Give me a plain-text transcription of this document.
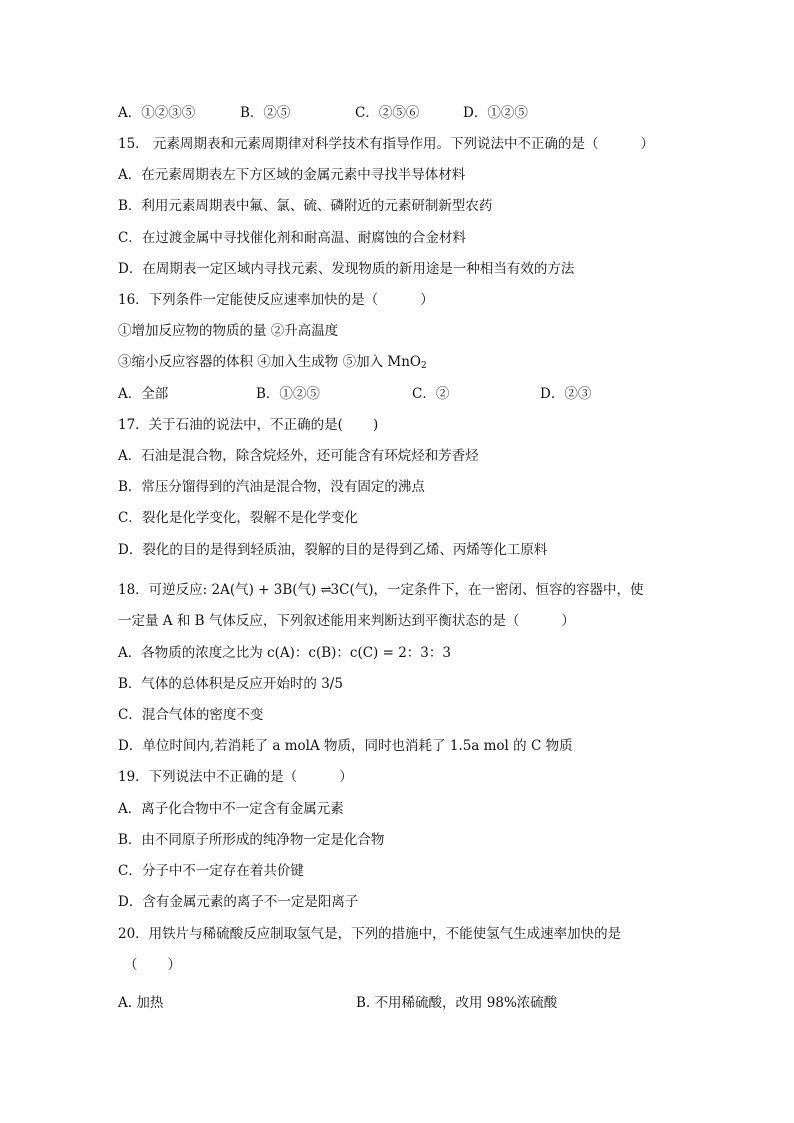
A．①②③⑤	B．②⑤	C．②⑤⑥	D．①②⑤
15． 元素周期表和元素周期律对科学技术有指导作用。下列说法中不正确的是（	）
A．在元素周期表左下方区域的金属元素中寻找半导体材料
B．利用元素周期表中氟、氯、硫、磷附近的元素研制新型农药
C．在过渡金属中寻找催化剂和耐高温、耐腐蚀的合金材料
D．在周期表一定区域内寻找元素、发现物质的新用途是一种相当有效的方法
16．下列条件一定能使反应速率加快的是（	）
①增加反应物的物质的量 ②升高温度
③缩小反应容器的体积 ④加入生成物 ⑤加入 MnO$_2$
A．全部	B．①②⑤	C．②	D．②③
17．关于石油的说法中，不正确的是( )
A．石油是混合物，除含烷烃外，还可能含有环烷烃和芳香烃
B．常压分馏得到的汽油是混合物，没有固定的沸点
C．裂化是化学变化，裂解不是化学变化
D．裂化的目的是得到轻质油，裂解的目的是得到乙烯、丙烯等化工原料
18．可逆反应: 2A(气) + 3B(气) ⇌3C(气)，一定条件下，在一密闭、恒容的容器中，使
一定量 A 和 B 气体反应，下列叙述能用来判断达到平衡状态的是（	）
A．各物质的浓度之比为 c(A)：c(B)：c(C) = 2：3：3
B．气体的总体积是反应开始时的 3/5
C．混合气体的密度不变
D．单位时间内,若消耗了 a molA 物质，同时也消耗了 1.5a mol 的 C 物质
19．下列说法中不正确的是（	）
A．离子化合物中不一定含有金属元素
B．由不同原子所形成的纯净物一定是化合物
C．分子中不一定存在着共价键
D．含有金属元素的离子不一定是阳离子
20．用铁片与稀硫酸反应制取氢气是，下列的措施中，不能使氢气生成速率加快的是
（ ）
A. 加热	B. 不用稀硫酸，改用 98%浓硫酸
